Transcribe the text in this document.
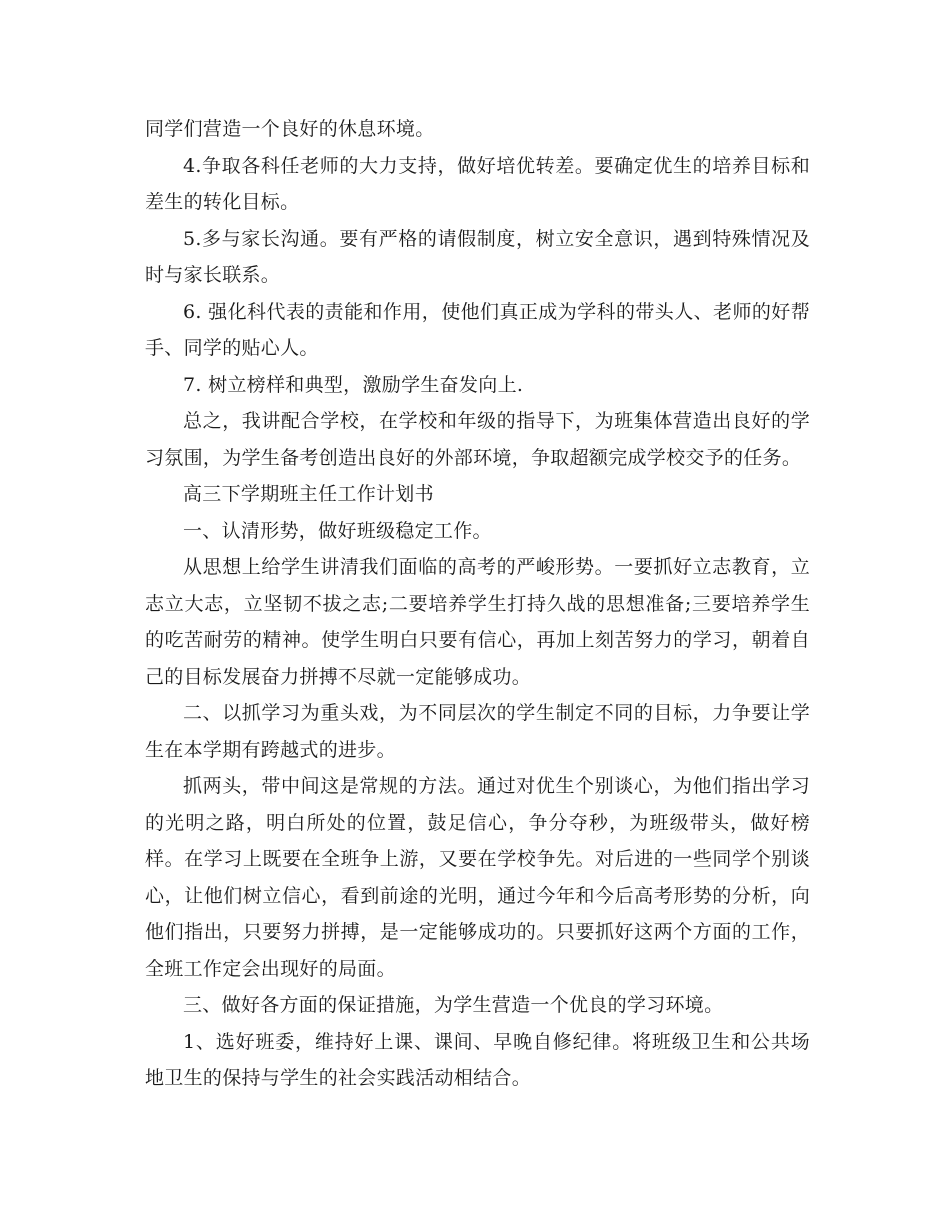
同学们营造一个良好的休息环境。

4.争取各科任老师的大力支持，做好培优转差。要确定优生的培养目标和差生的转化目标。

5.多与家长沟通。要有严格的请假制度，树立安全意识，遇到特殊情况及时与家长联系。

6. 强化科代表的责能和作用，使他们真正成为学科的带头人、老师的好帮手、同学的贴心人。

7. 树立榜样和典型，激励学生奋发向上.

总之，我讲配合学校，在学校和年级的指导下，为班集体营造出良好的学习氛围，为学生备考创造出良好的外部环境，争取超额完成学校交予的任务。

高三下学期班主任工作计划书

一、认清形势，做好班级稳定工作。

从思想上给学生讲清我们面临的高考的严峻形势。一要抓好立志教育，立志立大志，立坚韧不拔之志;二要培养学生打持久战的思想准备;三要培养学生的吃苦耐劳的精神。使学生明白只要有信心，再加上刻苦努力的学习，朝着自己的目标发展奋力拼搏不尽就一定能够成功。

二、以抓学习为重头戏，为不同层次的学生制定不同的目标，力争要让学生在本学期有跨越式的进步。

抓两头，带中间这是常规的方法。通过对优生个别谈心，为他们指出学习的光明之路，明白所处的位置，鼓足信心，争分夺秒，为班级带头，做好榜样。在学习上既要在全班争上游，又要在学校争先。对后进的一些同学个别谈心，让他们树立信心，看到前途的光明，通过今年和今后高考形势的分析，向他们指出，只要努力拼搏，是一定能够成功的。只要抓好这两个方面的工作，全班工作定会出现好的局面。

三、做好各方面的保证措施，为学生营造一个优良的学习环境。

1、选好班委，维持好上课、课间、早晚自修纪律。将班级卫生和公共场地卫生的保持与学生的社会实践活动相结合。
